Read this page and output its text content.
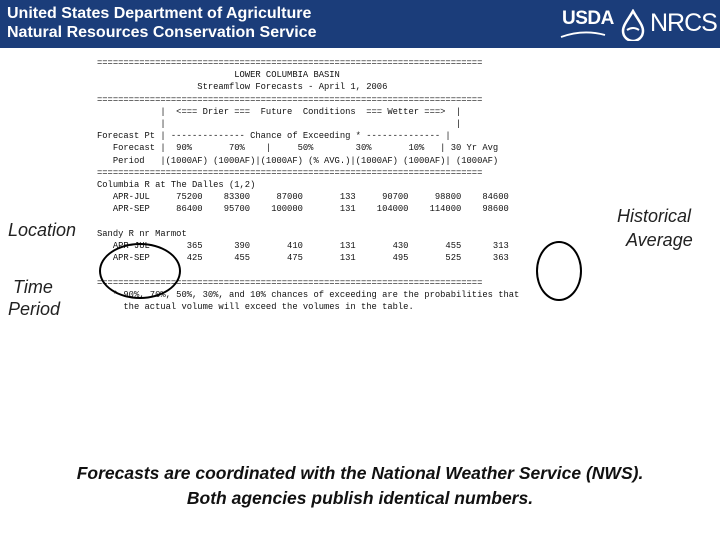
United States Department of Agriculture
Natural Resources Conservation Service
USDA NRCS
=========================================================================
LOWER COLUMBIA BASIN
Streamflow Forecasts - April 1, 2006
=========================================================================
|  <=== Drier ===  Future  Conditions  === Wetter ===>  |
|                                                       |
Forecast Pt | -------------- Chance of Exceeding * -------------- |
Forecast |  90%       70%    |     50%        30%       10%   | 30 Yr Avg
Period   |(1000AF) (1000AF)|(1000AF) (% AVG.)|(1000AF) (1000AF)| (1000AF)
=========================================================================
Columbia R at The Dalles (1,2)
APR-JUL     75200    83300     87000       133     90700     98800    84600
APR-SEP     86400    95700    100000       131    104000    114000    98600

Sandy R nr Marmot
APR-JUL       365      390       410       131       430       455      313
APR-SEP       425      455       475       131       495       525      363

=========================================================================
* 90%, 70%, 50%, 30%, and 10% chances of exceeding are the probabilities that
the actual volume will exceed the volumes in the table.
Location
Time
Period
Historical
Average
Forecasts are coordinated with the National Weather Service (NWS).
Both agencies publish identical numbers.
